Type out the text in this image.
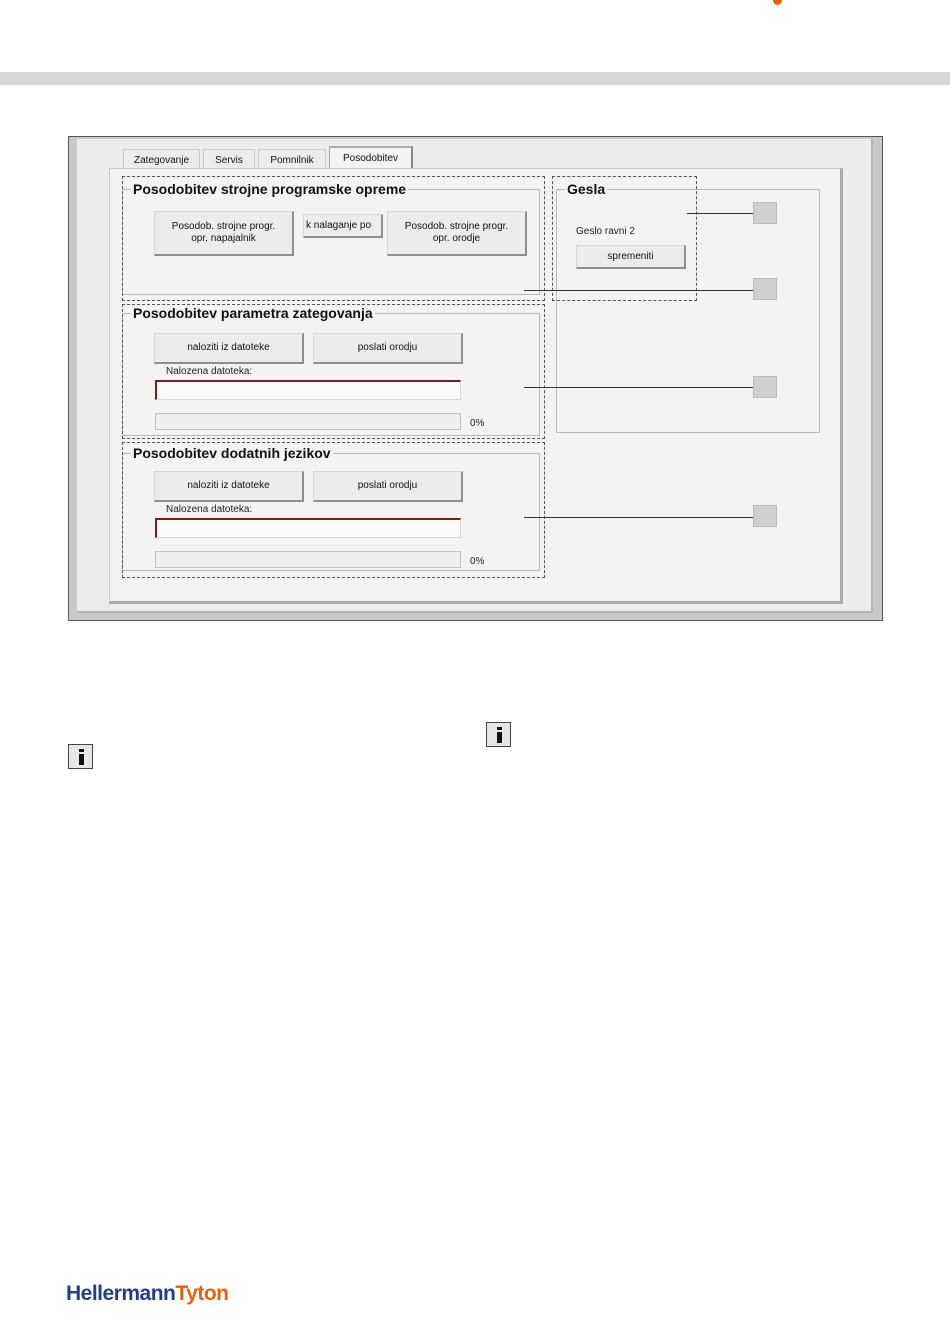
Zategovanje	Servis	Pomnilnik	Posodobitev
Posodobitev strojne programske opreme
Posodob. strojne progr.
opr. napajalnik
k nalaganje po	Posodob. strojne progr.
opr. orodje
Posodobitev parametra zategovanja
naloziti iz datoteke	poslati orodju
Nalozena datoteka:
0%
Posodobitev dodatnih jezikov
naloziti iz datoteke	poslati orodju
Nalozena datoteka:
0%
Gesla
Geslo ravni 2
spremeniti
HellermannTyton
